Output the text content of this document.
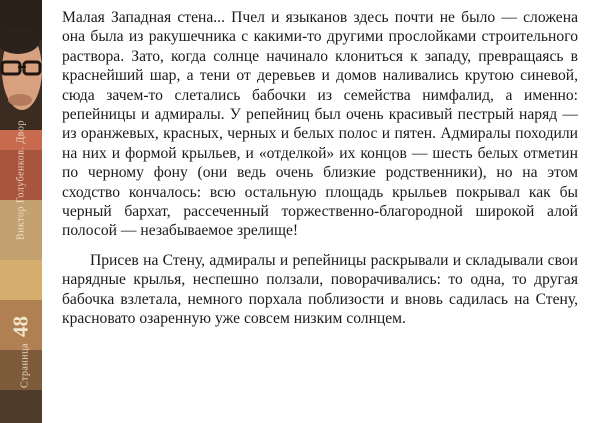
Виктор Голубенков. Двор
Страница 48

Малая Западная стена... Пчел и языканов здесь почти не было — сложена она была из ракушечника с какими-то другими прослойками строительного раствора. Зато, когда солнце начинало клониться к западу, превращаясь в краснейший шар, а тени от деревьев и домов наливались крутою синевой, сюда зачем-то слетались бабочки из семейства нимфалид, а именно: репейницы и адмиралы. У репейниц был очень красивый пестрый наряд — из оранжевых, красных, черных и белых полос и пятен. Адмиралы походили на них и формой крыльев, и «отделкой» их концов — шесть белых отметин по черному фону (они ведь очень близкие родственники), но на этом сходство кончалось: всю остальную площадь крыльев покрывал как бы черный бархат, рассеченный торжественно-благородной широкой алой полосой — незабываемое зрелище!

Присев на Стену, адмиралы и репейницы раскрывали и складывали свои нарядные крылья, неспешно ползали, поворачивались: то одна, то другая бабочка взлетала, немного порхала поблизости и вновь садилась на Стену, красновато озаренную уже совсем низким солнцем.
